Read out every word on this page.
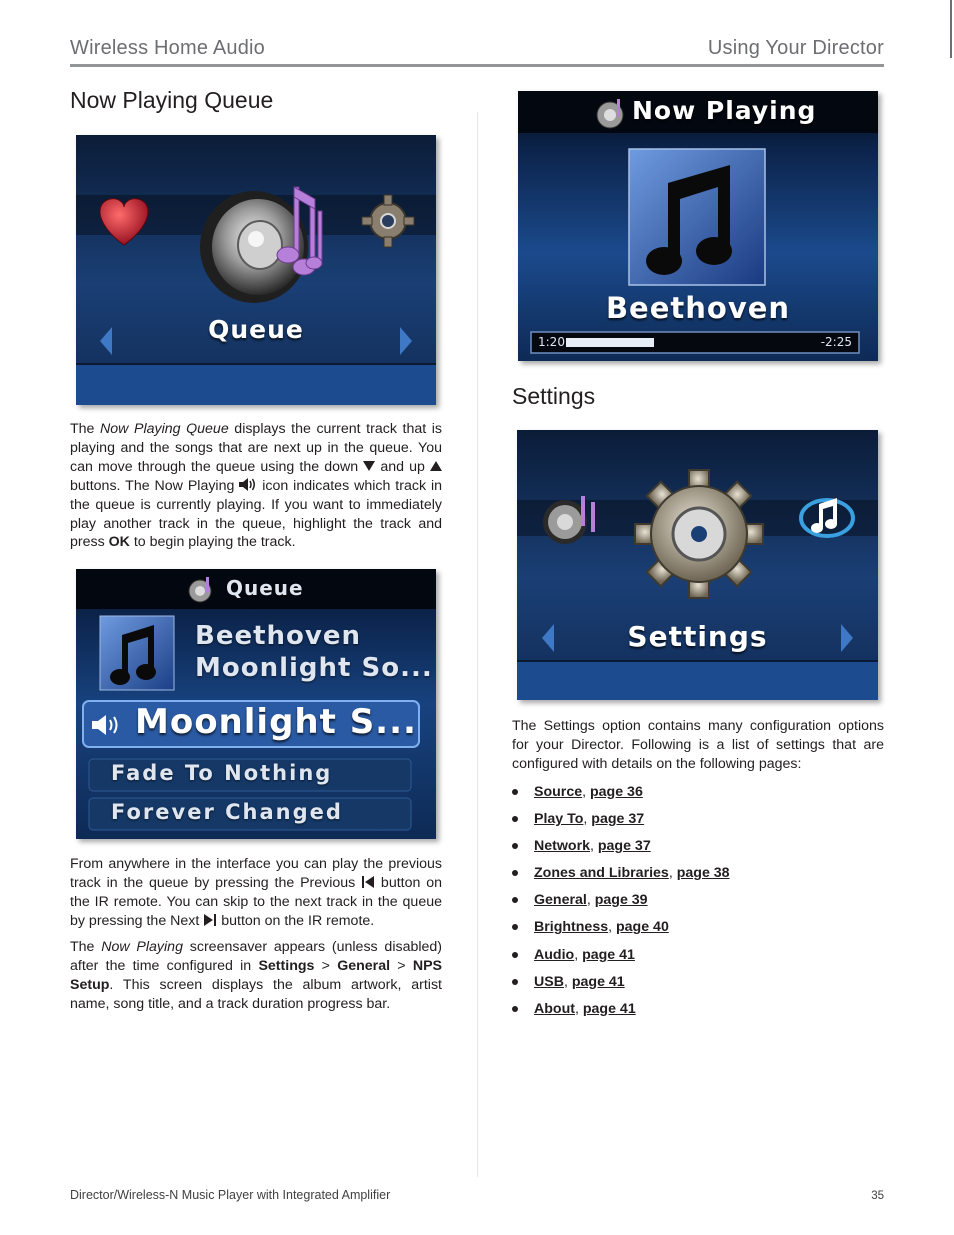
Wireless Home Audio	Using Your Director
Now Playing Queue
Queue

The Now Playing Queue displays the current track that is playing and the songs that are next up in the queue. You can move through the queue using the down  and up  buttons. The Now Playing  icon indicates which track in the queue is currently playing. If you want to immediately play another track in the queue, highlight the track and press OK to begin playing the track.

Queue
Beethoven
Moonlight So...
Moonlight S...
Fade To Nothing
Forever Changed

From anywhere in the interface you can play the previous track in the queue by pressing the Previous  button on the IR remote. You can skip to the next track in the queue by pressing the Next  button on the IR remote.

The Now Playing screensaver appears (unless disabled) after the time configured in Settings > General > NPS Setup. This screen displays the album artwork, artist name, song title, and a track duration progress bar.

Now Playing
Beethoven
1:20	-2:25
Settings
Settings

The Settings option contains many configuration options for your Director. Following is a list of settings that are configured with details on the following pages:

Source, page 36
Play To, page 37
Network, page 37
Zones and Libraries, page 38
General, page 39
Brightness, page 40
Audio, page 41
USB, page 41
About, page 41
Director/Wireless-N Music Player with Integrated Amplifier	35
